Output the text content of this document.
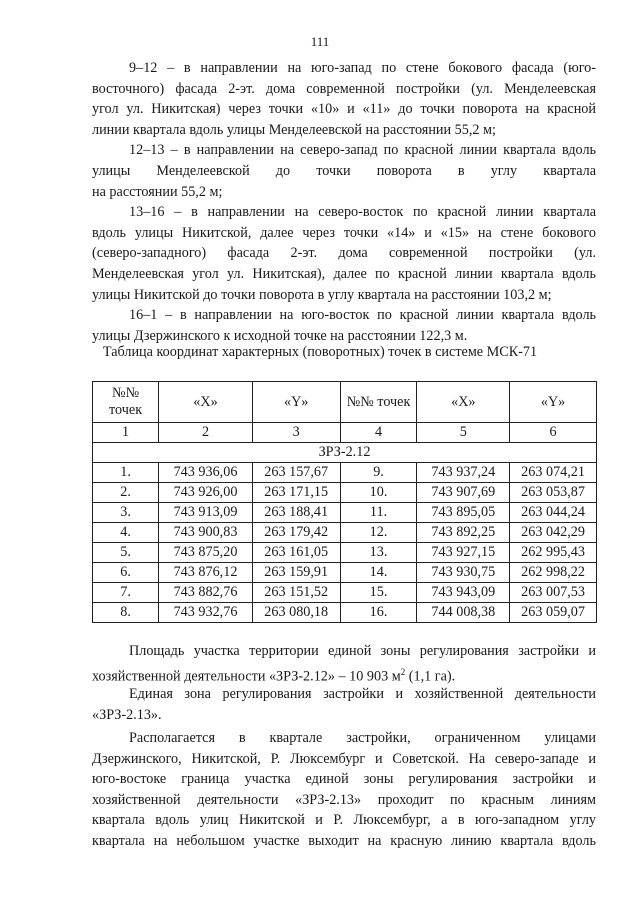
111

9–12 – в направлении на юго-запад по стене бокового фасада (юго-

восточного) фасада 2-эт. дома современной постройки (ул. Менделеевская

угол ул. Никитская) через точки «10» и «11» до точки поворота на красной

линии квартала вдоль улицы Менделеевской на расстоянии 55,2 м;

12–13 – в направлении на северо-запад по красной линии квартала вдоль

улицы Менделеевской до точки поворота в углу квартала

на расстоянии 55,2 м;

13–16 – в направлении на северо-восток по красной линии квартала

вдоль улицы Никитской, далее через точки «14» и «15» на стене бокового

(северо-западного) фасада 2-эт. дома современной постройки (ул.

Менделеевская угол ул. Никитская), далее по красной линии квартала вдоль

улицы Никитской до точки поворота в углу квартала на расстоянии 103,2 м;

16–1 – в направлении на юго-восток по красной линии квартала вдоль

улицы Дзержинского к исходной точке на расстоянии 122,3 м.

Таблица координат характерных (поворотных) точек в системе МСК-71
№№
точек	«X»	«Y»	№№ точек	«X»	«Y»
1	2	3	4	5	6
ЗРЗ-2.12					
1.	743 936,06	263 157,67	9.	743 937,24	263 074,21
2.	743 926,00	263 171,15	10.	743 907,69	263 053,87
3.	743 913,09	263 188,41	11.	743 895,05	263 044,24
4.	743 900,83	263 179,42	12.	743 892,25	263 042,29
5.	743 875,20	263 161,05	13.	743 927,15	262 995,43
6.	743 876,12	263 159,91	14.	743 930,75	262 998,22
7.	743 882,76	263 151,52	15.	743 943,09	263 007,53
8.	743 932,76	263 080,18	16.	744 008,38	263 059,07

Площадь участка территории единой зоны регулирования застройки и

хозяйственной деятельности «ЗРЗ-2.12» – 10 903 $м^2$ (1,1 га).

Единая зона регулирования застройки и хозяйственной деятельности

«ЗРЗ-2.13».

Располагается в квартале застройки, ограниченном улицами

Дзержинского, Никитской, Р. Люксембург и Советской. На северо-западе и

юго-востоке граница участка единой зоны регулирования застройки и

хозяйственной деятельности «ЗРЗ-2.13» проходит по красным линиям

квартала вдоль улиц Никитской и Р. Люксембург, а в юго-западном углу

квартала на небольшом участке выходит на красную линию квартала вдоль
